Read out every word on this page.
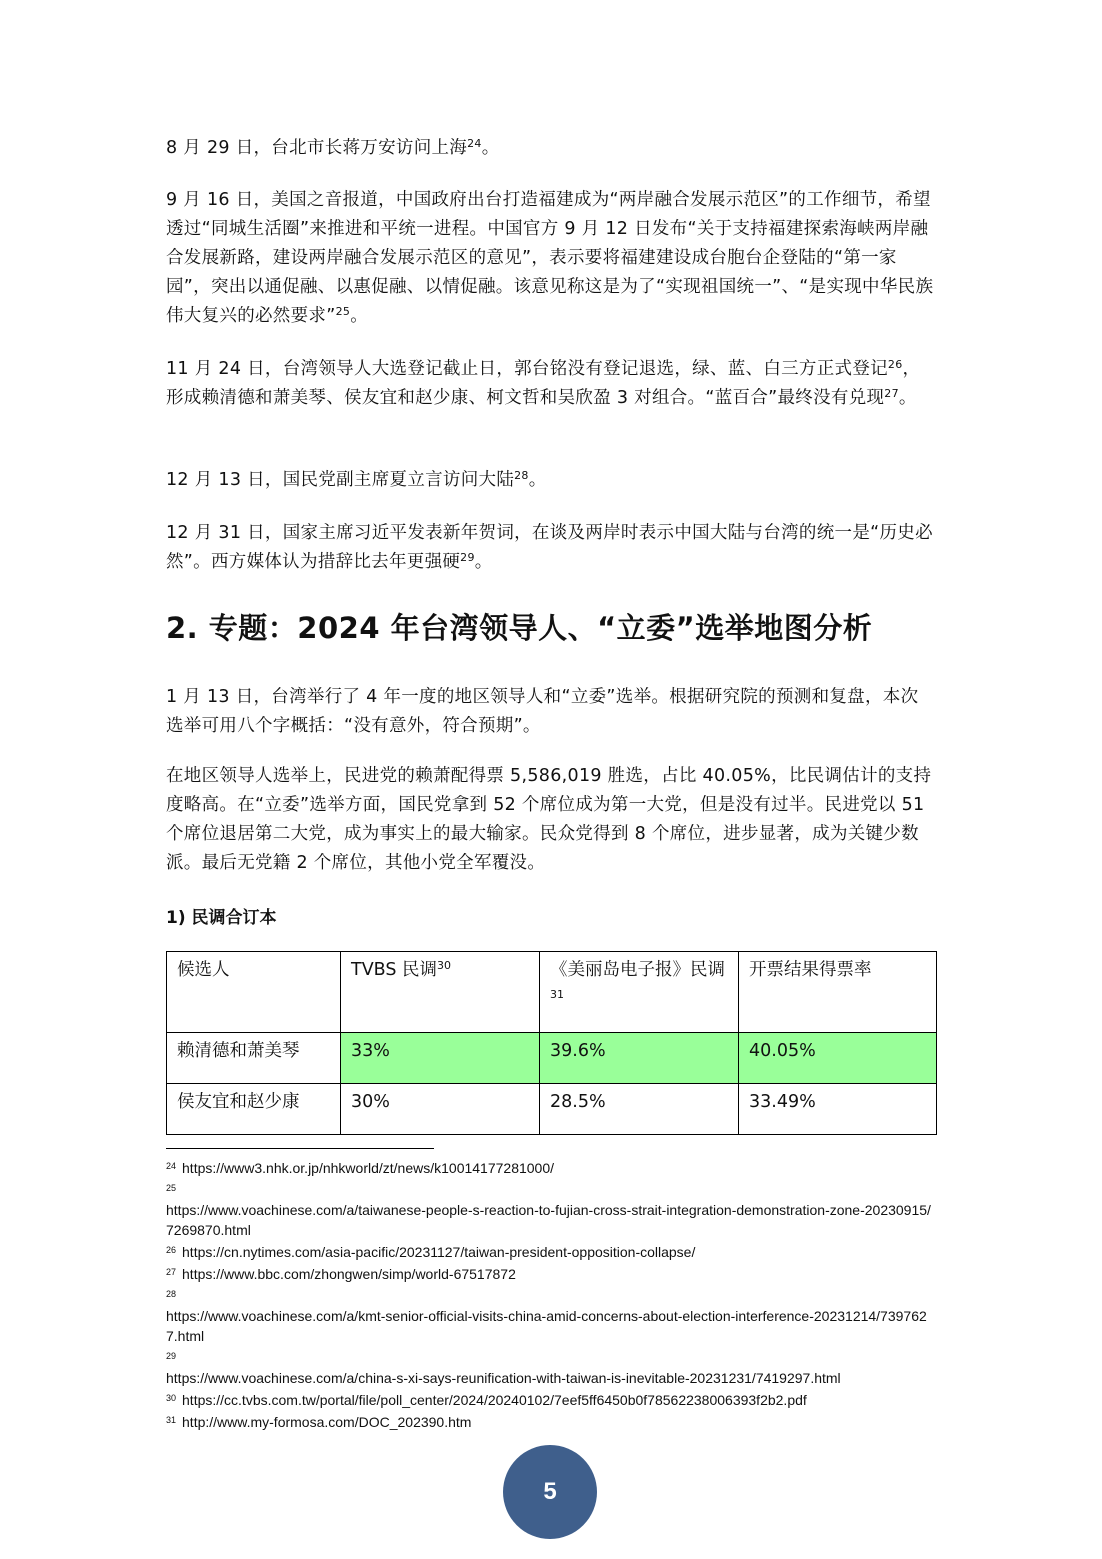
8 月 29 日，台北市长蒋万安访问上海$^{24}$。

9 月 16 日，美国之音报道，中国政府出台打造福建成为“两岸融合发展示范区”的工作细节，希望透过“同城生活圈”来推进和平统一进程。中国官方 9 月 12 日发布“关于支持福建探索海峡两岸融合发展新路，建设两岸融合发展示范区的意见”，表示要将福建建设成台胞台企登陆的“第一家园”，突出以通促融、以惠促融、以情促融。该意见称这是为了“实现祖国统一”、“是实现中华民族伟大复兴的必然要求”$^{25}$。

11 月 24 日，台湾领导人大选登记截止日，郭台铭没有登记退选，绿、蓝、白三方正式登记$^{26}$，形成赖清德和萧美琴、侯友宜和赵少康、柯文哲和吴欣盈 3 对组合。“蓝百合”最终没有兑现$^{27}$。

12 月 13 日，国民党副主席夏立言访问大陆$^{28}$。

12 月 31 日，国家主席习近平发表新年贺词，在谈及两岸时表示中国大陆与台湾的统一是“历史必然”。西方媒体认为措辞比去年更强硬$^{29}$。

2. 专题：2024 年台湾领导人、“立委”选举地图分析

1 月 13 日，台湾举行了 4 年一度的地区领导人和“立委”选举。根据研究院的预测和复盘，本次选举可用八个字概括：“没有意外，符合预期”。

在地区领导人选举上，民进党的赖萧配得票 5,586,019 胜选，占比 40.05%，比民调估计的支持度略高。在“立委”选举方面，国民党拿到 52 个席位成为第一大党，但是没有过半。民进党以 51 个席位退居第二大党，成为事实上的最大输家。民众党得到 8 个席位，进步显著，成为关键少数派。最后无党籍 2 个席位，其他小党全军覆没。

1) 民调合订本

候选人	TVBS 民调$^{30}$	《美丽岛电子报》民调$^{31}$	开票结果得票率
赖清德和萧美琴	33%	39.6%	40.05%
侯友宜和赵少康	30%	28.5%	33.49%

$^{24}$ https://www3.nhk.or.jp/nhkworld/zt/news/k10014177281000/

$^{25}$
https://www.voachinese.com/a/taiwanese-people-s-reaction-to-fujian-cross-strait-integration-demonstration-zone-20230915/7269870.html

$^{26}$ https://cn.nytimes.com/asia-pacific/20231127/taiwan-president-opposition-collapse/

$^{27}$ https://www.bbc.com/zhongwen/simp/world-67517872

$^{28}$
https://www.voachinese.com/a/kmt-senior-official-visits-china-amid-concerns-about-election-interference-20231214/7397627.html

$^{29}$
https://www.voachinese.com/a/china-s-xi-says-reunification-with-taiwan-is-inevitable-20231231/7419297.html

$^{30}$ https://cc.tvbs.com.tw/portal/file/poll_center/2024/20240102/7eef5ff6450b0f78562238006393f2b2.pdf

$^{31}$ http://www.my-formosa.com/DOC_202390.htm

5
